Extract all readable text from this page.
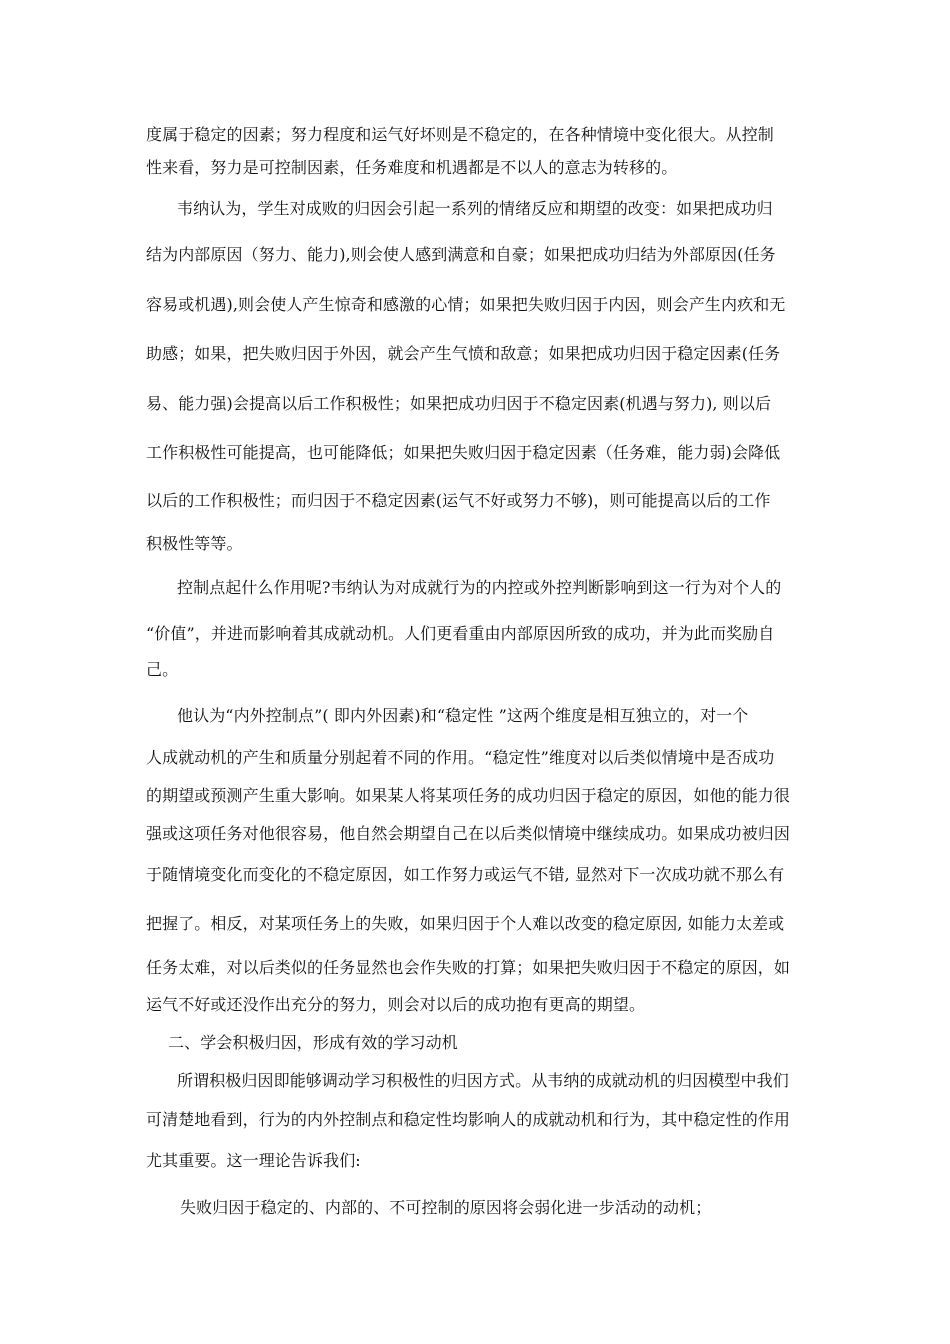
度属于稳定的因素；努力程度和运气好坏则是不稳定的，在各种情境中变化很大。从控制
性来看，努力是可控制因素，任务难度和机遇都是不以人的意志为转移的。
韦纳认为，学生对成败的归因会引起一系列的情绪反应和期望的改变：如果把成功归
结为内部原因（努力、能力),则会使人感到满意和自豪；如果把成功归结为外部原因(任务
容易或机遇),则会使人产生惊奇和感激的心情；如果把失败归因于内因，则会产生内疚和无
助感；如果，把失败归因于外因，就会产生气愤和敌意；如果把成功归因于稳定因素(任务
易、能力强)会提高以后工作积极性；如果把成功归因于不稳定因素(机遇与努力), 则以后
工作积极性可能提高，也可能降低；如果把失败归因于稳定因素（任务难，能力弱)会降低
以后的工作积极性；而归因于不稳定因素(运气不好或努力不够)，则可能提高以后的工作
积极性等等。
控制点起什么作用呢?韦纳认为对成就行为的内控或外控判断影响到这一行为对个人的
“价值”，并进而影响着其成就动机。人们更看重由内部原因所致的成功，并为此而奖励自
己。
他认为“内外控制点”( 即内外因素)和“稳定性 ”这两个维度是相互独立的，对一个
人成就动机的产生和质量分别起着不同的作用。“稳定性”维度对以后类似情境中是否成功
的期望或预测产生重大影响。如果某人将某项任务的成功归因于稳定的原因，如他的能力很
强或这项任务对他很容易，他自然会期望自己在以后类似情境中继续成功。如果成功被归因
于随情境变化而变化的不稳定原因，如工作努力或运气不错, 显然对下一次成功就不那么有
把握了。相反，对某项任务上的失败，如果归因于个人难以改变的稳定原因, 如能力太差或
任务太难，对以后类似的任务显然也会作失败的打算；如果把失败归因于不稳定的原因，如
运气不好或还没作出充分的努力，则会对以后的成功抱有更高的期望。
二、学会积极归因，形成有效的学习动机
所谓积极归因即能够调动学习积极性的归因方式。从韦纳的成就动机的归因模型中我们
可清楚地看到，行为的内外控制点和稳定性均影响人的成就动机和行为，其中稳定性的作用
尤其重要。这一理论告诉我们:
失败归因于稳定的、内部的、不可控制的原因将会弱化进一步活动的动机；
